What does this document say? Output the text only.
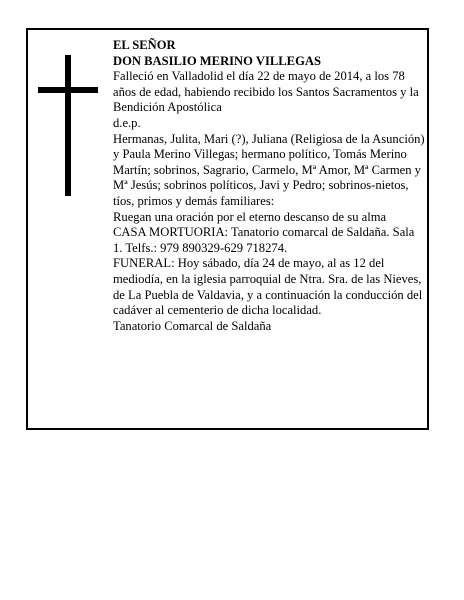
EL SEÑOR

DON BASILIO MERINO VILLEGAS

Falleció en Valladolid el día 22 de mayo de 2014, a los 78 años de edad, habiendo recibido los Santos Sacramentos y la Bendición Apostólica

d.e.p.

Hermanas, Julita, Mari (?), Juliana (Religiosa de la Asunción) y Paula Merino Villegas; hermano político, Tomás Merino Martín; sobrinos, Sagrario, Carmelo, Mª Amor, Mª Carmen y Mª Jesús; sobrinos políticos, Javi y Pedro; sobrinos-nietos, tíos, primos y demás familiares:

Ruegan una oración por el eterno descanso de su alma

CASA MORTUORIA: Tanatorio comarcal de Saldaña. Sala 1. Telfs.: 979 890329-629 718274.

FUNERAL: Hoy sábado, día 24 de mayo, al as 12 del mediodía, en la iglesia parroquial de Ntra. Sra. de las Nieves, de La Puebla de Valdavia, y a continuación la conducción del cadáver al cementerio de dicha localidad.

Tanatorio Comarcal de Saldaña
